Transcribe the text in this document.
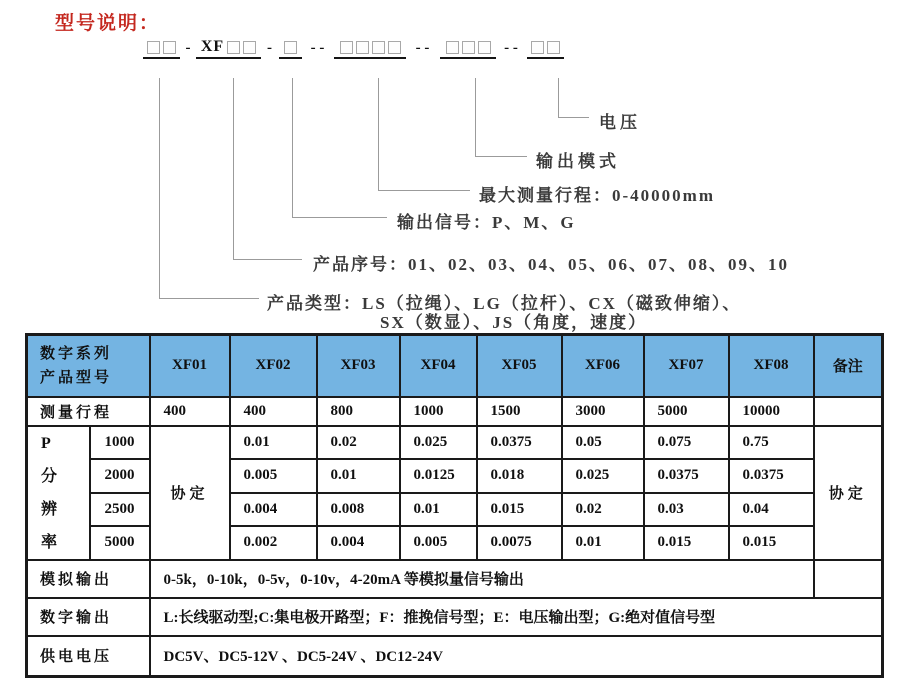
型号说明：
XF
-	-	- -	- -	- -
电压
输出模式
最大测量行程：0-40000mm
输出信号：P、M、G
产品序号：01、02、03、04、05、06、07、08、09、10
产品类型：LS（拉绳）、LG（拉杆）、CX（磁致伸缩）、
SX（数显）、JS（角度，速度）
数字系列
产品型号		XF01	XF02	XF03	XF04	XF05	XF06	XF07	XF08	备注
测量行程		400	400	800	1000	1500	3000	5000	10000	

P
分
辨
率	1000	协定	0.01	0.02	0.025	0.0375	0.05	0.075	0.75	协定
	2000		0.005	0.01	0.0125	0.018	0.025	0.0375	0.0375	
	2500		0.004	0.008	0.01	0.015	0.02	0.03	0.04	
	5000		0.002	0.004	0.005	0.0075	0.01	0.015	0.015	
模拟输出		0-5k，0-10k，0-5v，0-10v，4-20mA 等模拟量信号输出								
数字输出		L:长线驱动型;C:集电极开路型；F：推挽信号型；E：电压输出型；G:绝对值信号型								
供电电压		DC5V、DC5-12V 、DC5-24V 、DC12-24V								
